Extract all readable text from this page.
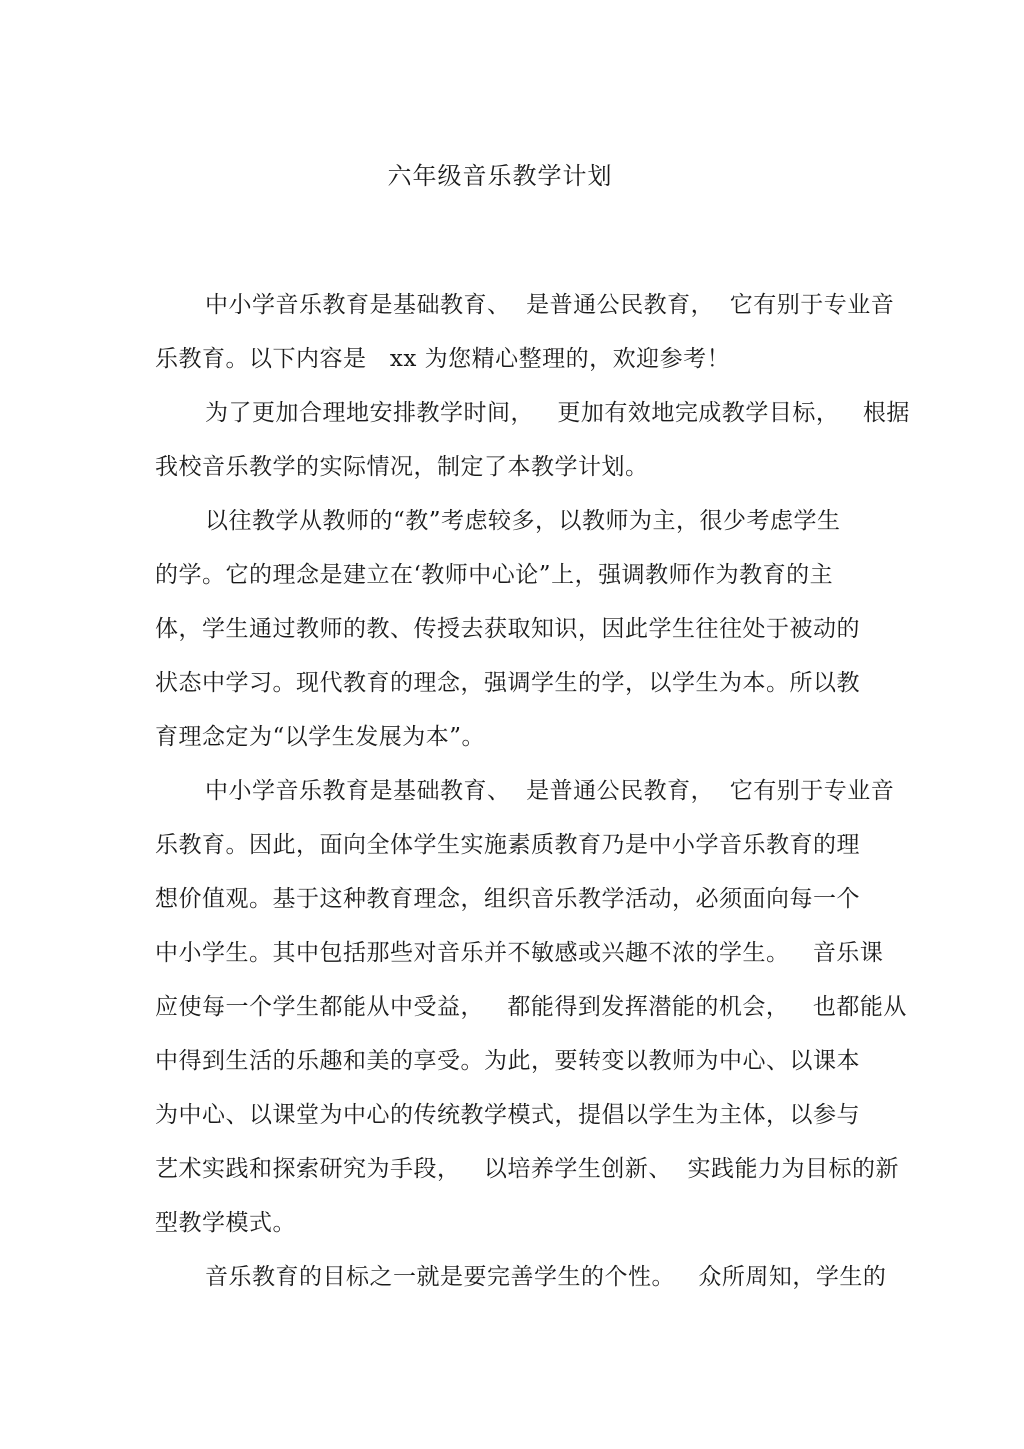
六年级音乐教学计划
中小学音乐教育是基础教育、  是普通公民教育，  它有别于专业音
乐教育。以下内容是   xx 为您精心整理的，欢迎参考！
为了更加合理地安排教学时间，   更加有效地完成教学目标，   根据
我校音乐教学的实际情况，制定了本教学计划。
以往教学从教师的“教”考虑较多，以教师为主，很少考虑学生
的学。它的理念是建立在‘教师中心论”上，强调教师作为教育的主
体，学生通过教师的教、传授去获取知识，因此学生往往处于被动的
状态中学习。现代教育的理念，强调学生的学，以学生为本。所以教
育理念定为“以学生发展为本”。
中小学音乐教育是基础教育、  是普通公民教育，  它有别于专业音
乐教育。因此，面向全体学生实施素质教育乃是中小学音乐教育的理
想价值观。基于这种教育理念，组织音乐教学活动，必须面向每一个
中小学生。其中包括那些对音乐并不敏感或兴趣不浓的学生。   音乐课
应使每一个学生都能从中受益，   都能得到发挥潜能的机会，   也都能从
中得到生活的乐趣和美的享受。为此，要转变以教师为中心、以课本
为中心、以课堂为中心的传统教学模式，提倡以学生为主体，以参与
艺术实践和探索研究为手段，   以培养学生创新、  实践能力为目标的新
型教学模式。
音乐教育的目标之一就是要完善学生的个性。   众所周知，学生的
